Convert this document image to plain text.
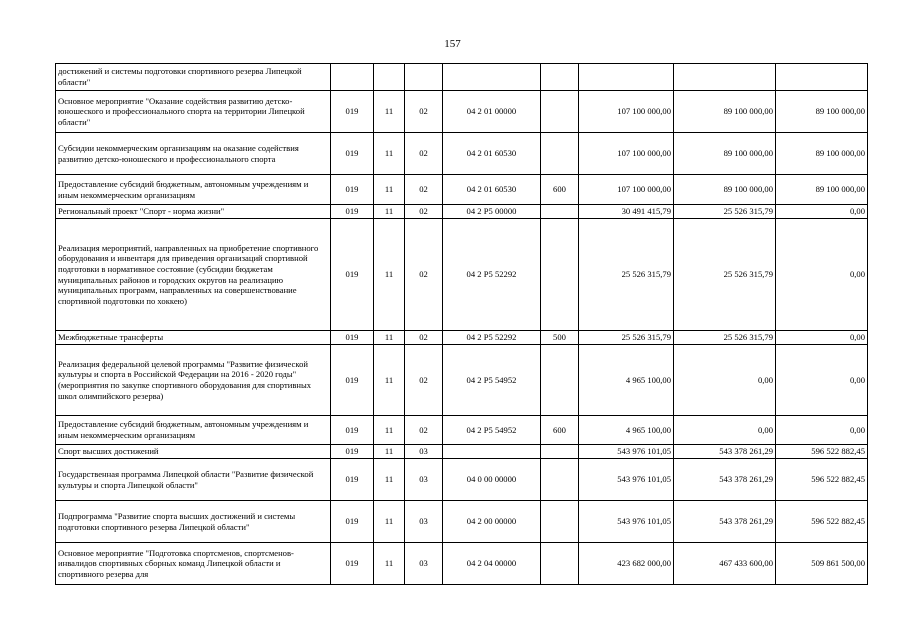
157
достижений и системы подготовки спортивного резерва Липецкой области"								
Основное мероприятие "Оказание содействия развитию детско-юношеского и профессионального спорта на территории Липецкой области"	019	11	02	04 2 01 00000		107 100 000,00	89 100 000,00	89 100 000,00
Субсидии некоммерческим организациям на оказание содействия развитию детско-юношеского и профессионального спорта	019	11	02	04 2 01 60530		107 100 000,00	89 100 000,00	89 100 000,00
Предоставление субсидий бюджетным, автономным учреждениям и иным некоммерческим организациям	019	11	02	04 2 01 60530	600	107 100 000,00	89 100 000,00	89 100 000,00
Региональный проект "Спорт - норма жизни"	019	11	02	04 2 P5 00000		30 491 415,79	25 526 315,79	0,00
Реализация мероприятий, направленных на приобретение спортивного оборудования и инвентаря для приведения организаций спортивной подготовки в нормативное состояние (субсидии бюджетам муниципальных районов и городских округов на реализацию муниципальных программ, направленных на совершенствование спортивной подготовки по хоккею)	019	11	02	04 2 P5 52292		25 526 315,79	25 526 315,79	0,00
Межбюджетные трансферты	019	11	02	04 2 P5 52292	500	25 526 315,79	25 526 315,79	0,00
Реализация федеральной целевой программы "Развитие физической культуры и спорта в Российской Федерации на 2016 - 2020 годы" (мероприятия по закупке спортивного оборудования для спортивных школ олимпийского резерва)	019	11	02	04 2 P5 54952		4 965 100,00	0,00	0,00
Предоставление субсидий бюджетным, автономным учреждениям и иным некоммерческим организациям	019	11	02	04 2 P5 54952	600	4 965 100,00	0,00	0,00
Спорт высших достижений	019	11	03			543 976 101,05	543 378 261,29	596 522 882,45
Государственная программа Липецкой области "Развитие физической культуры и спорта Липецкой области"	019	11	03	04 0 00 00000		543 976 101,05	543 378 261,29	596 522 882,45
Подпрограмма "Развитие спорта высших достижений и системы подготовки спортивного резерва Липецкой области"	019	11	03	04 2 00 00000		543 976 101,05	543 378 261,29	596 522 882,45
Основное мероприятие "Подготовка спортсменов, спортсменов-инвалидов спортивных сборных команд Липецкой области и спортивного резерва для	019	11	03	04 2 04 00000		423 682 000,00	467 433 600,00	509 861 500,00
